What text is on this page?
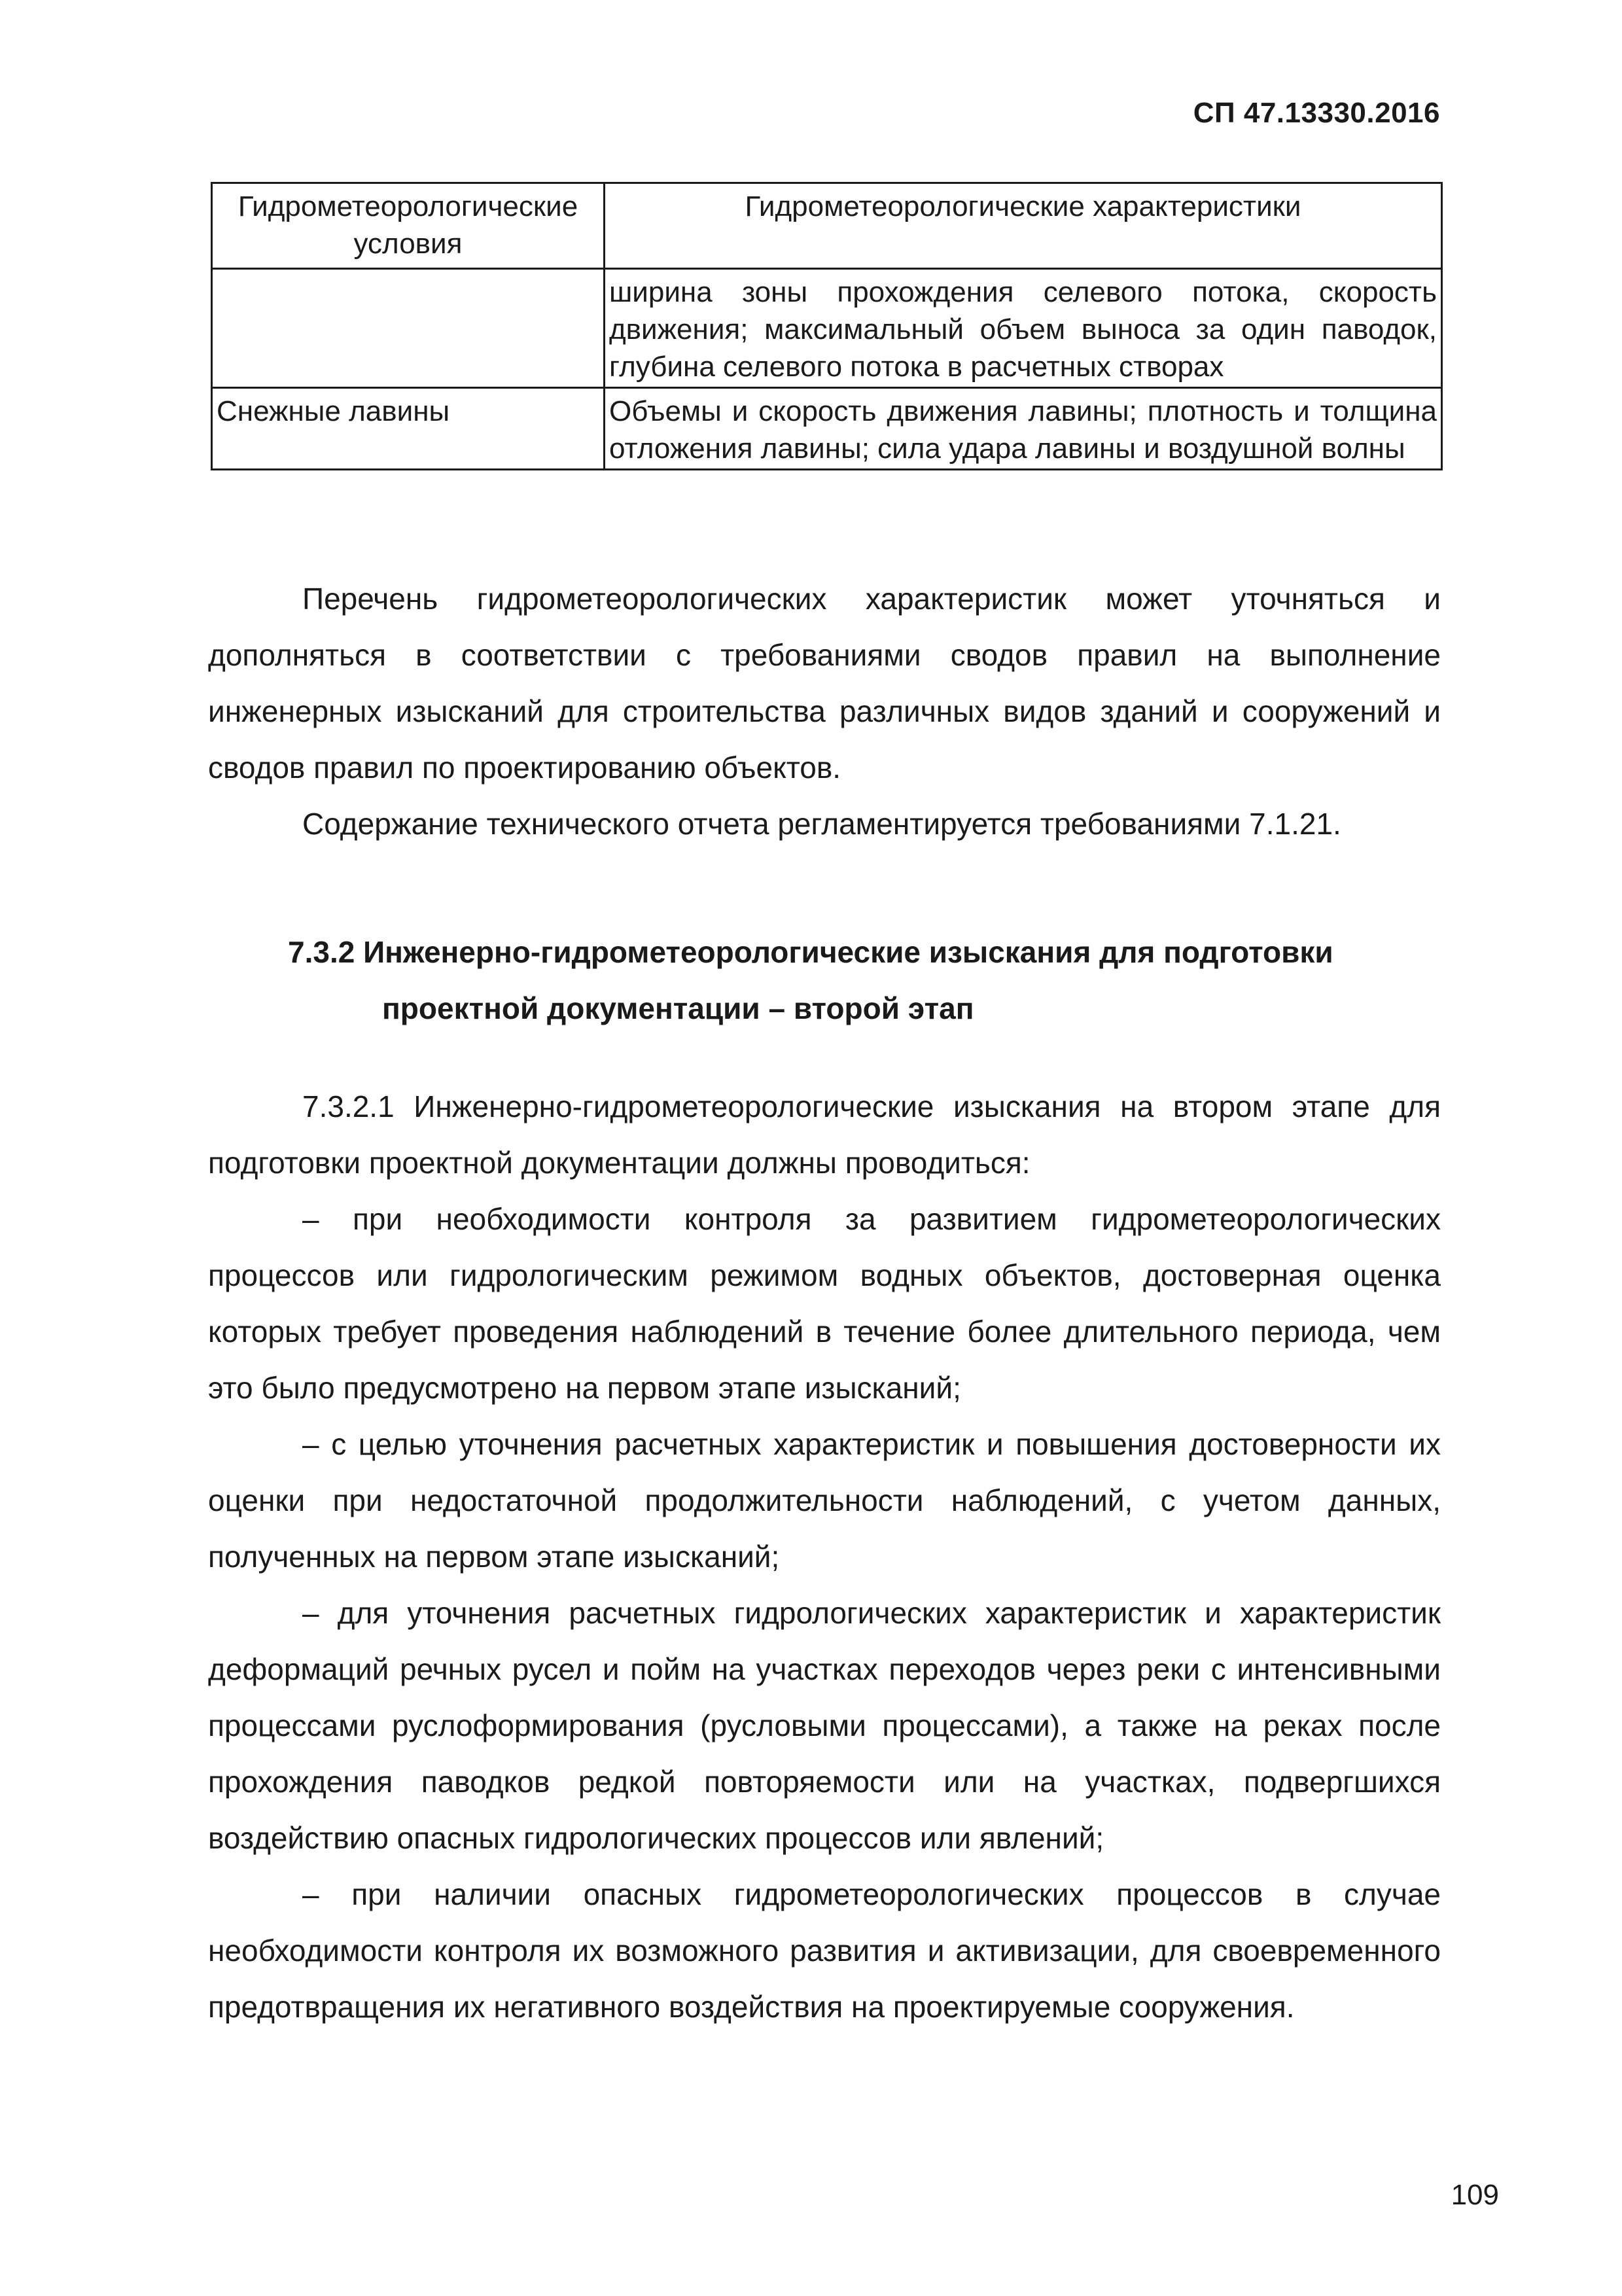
СП 47.13330.2016
Гидрометеорологические условия	Гидрометеорологические характеристики
	ширина зоны прохождения селевого потока, скорость движения; максимальный объем выноса за один паводок, глубина селевого потока в расчетных створах
Снежные лавины	Объемы и скорость движения лавины; плотность и толщина отложения лавины; сила удара лавины и воздушной волны

Перечень гидрометеорологических характеристик может уточняться и дополняться в соответствии с требованиями сводов правил на выполнение инженерных изысканий для строительства различных видов зданий и сооружений и сводов правил по проектированию объектов.

Содержание технического отчета регламентируется требованиями 7.1.21.

7.3.2 Инженерно-гидрометеорологические изыскания для подготовки
проектной документации – второй этап

7.3.2.1 Инженерно-гидрометеорологические изыскания на втором этапе для подготовки проектной документации должны проводиться:

– при необходимости контроля за развитием гидрометеорологических процессов или гидрологическим режимом водных объектов, достоверная оценка которых требует проведения наблюдений в течение более длительного периода, чем это было предусмотрено на первом этапе изысканий;

– с целью уточнения расчетных характеристик и повышения достоверности их оценки при недостаточной продолжительности наблюдений, с учетом данных, полученных на первом этапе изысканий;

– для уточнения расчетных гидрологических характеристик и характеристик деформаций речных русел и пойм на участках переходов через реки с интенсивными процессами руслоформирования (русловыми процессами), а также на реках после прохождения паводков редкой повторяемости или на участках, подвергшихся воздействию опасных гидрологических процессов или явлений;

– при наличии опасных гидрометеорологических процессов в случае необходимости контроля их возможного развития и активизации, для своевременного предотвращения их негативного воздействия на проектируемые сооружения.

109
